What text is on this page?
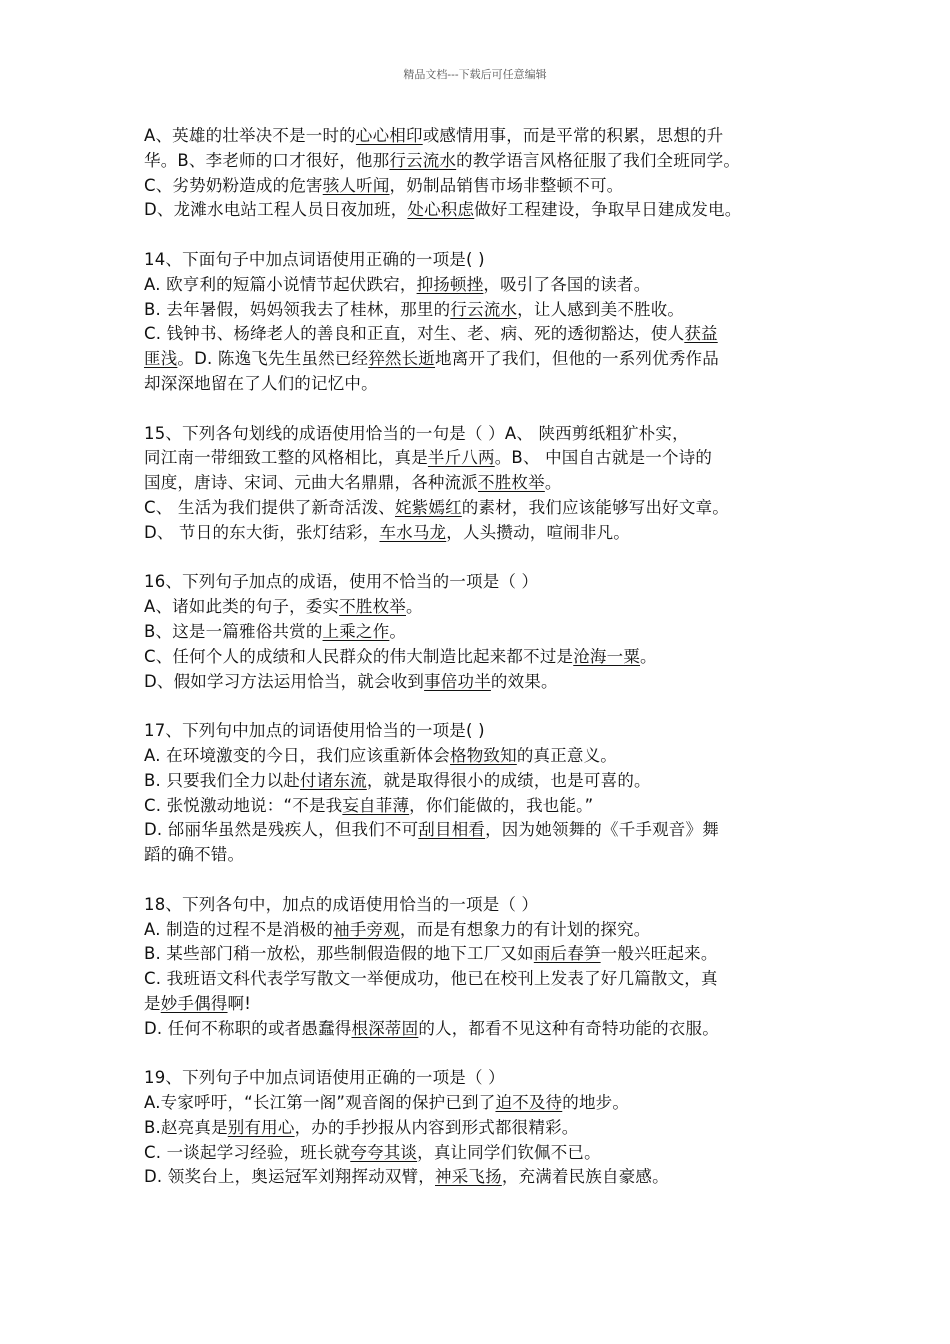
精品文档---下载后可任意编辑
A、英雄的壮举决不是一时的心心相印或感情用事，而是平常的积累，思想的升
华。B、李老师的口才很好，他那行云流水的教学语言风格征服了我们全班同学。
C、劣势奶粉造成的危害骇人听闻，奶制品销售市场非整顿不可。
D、龙滩水电站工程人员日夜加班，处心积虑做好工程建设，争取早日建成发电。
14、下面句子中加点词语使用正确的一项是( )
A. 欧亨利的短篇小说情节起伏跌宕，抑扬顿挫，吸引了各国的读者。
B. 去年暑假，妈妈领我去了桂林，那里的行云流水，让人感到美不胜收。
C. 钱钟书、杨绛老人的善良和正直，对生、老、病、死的透彻豁达，使人获益
匪浅。D. 陈逸飞先生虽然已经猝然长逝地离开了我们，但他的一系列优秀作品
却深深地留在了人们的记忆中。
15、下列各句划线的成语使用恰当的一句是（ ）A、 陕西剪纸粗犷朴实，
同江南一带细致工整的风格相比，真是半斤八两。B、 中国自古就是一个诗的
国度，唐诗、宋词、元曲大名鼎鼎，各种流派不胜枚举。
C、 生活为我们提供了新奇活泼、姹紫嫣红的素材，我们应该能够写出好文章。
D、 节日的东大街，张灯结彩，车水马龙，人头攒动，喧闹非凡。
16、下列句子加点的成语，使用不恰当的一项是（ ）
A、诸如此类的句子，委实不胜枚举。
B、这是一篇雅俗共赏的上乘之作。
C、任何个人的成绩和人民群众的伟大制造比起来都不过是沧海一粟。
D、假如学习方法运用恰当，就会收到事倍功半的效果。
17、下列句中加点的词语使用恰当的一项是( )
A. 在环境激变的今日，我们应该重新体会格物致知的真正意义。
B. 只要我们全力以赴付诸东流，就是取得很小的成绩，也是可喜的。
C. 张悦激动地说：“不是我妄自菲薄，你们能做的，我也能。”
D. 邰丽华虽然是残疾人，但我们不可刮目相看，因为她领舞的《千手观音》舞
蹈的确不错。
18、下列各句中，加点的成语使用恰当的一项是（ ）
A. 制造的过程不是消极的袖手旁观，而是有想象力的有计划的探究。
B. 某些部门稍一放松，那些制假造假的地下工厂又如雨后春笋一般兴旺起来。
C. 我班语文科代表学写散文一举便成功，他已在校刊上发表了好几篇散文，真
是妙手偶得啊!
D. 任何不称职的或者愚蠢得根深蒂固的人，都看不见这种有奇特功能的衣服。
19、下列句子中加点词语使用正确的一项是（ ）
A.专家呼吁，“长江第一阁”观音阁的保护已到了迫不及待的地步。
B.赵亮真是别有用心，办的手抄报从内容到形式都很精彩。
C. 一谈起学习经验，班长就夸夸其谈，真让同学们钦佩不已。
D. 领奖台上，奥运冠军刘翔挥动双臂，神采飞扬，充满着民族自豪感。
